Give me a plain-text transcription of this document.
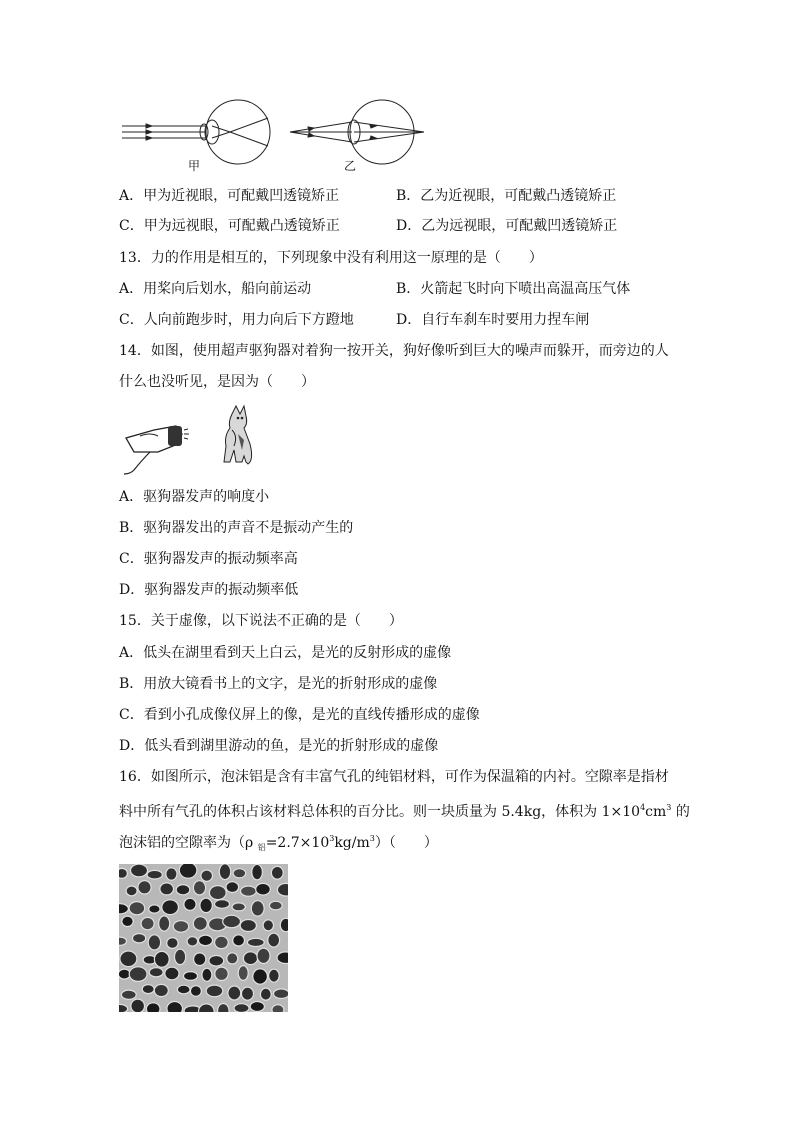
甲	乙
A．甲为近视眼，可配戴凹透镜矫正	B．乙为近视眼，可配戴凸透镜矫正
C．甲为远视眼，可配戴凸透镜矫正	D．乙为远视眼，可配戴凹透镜矫正
13．力的作用是相互的，下列现象中没有利用这一原理的是（　　）
A．用桨向后划水，船向前运动	B．火箭起飞时向下喷出高温高压气体
C．人向前跑步时，用力向后下方蹬地	D．自行车刹车时要用力捏车闸
14．如图，使用超声驱狗器对着狗一按开关，狗好像听到巨大的噪声而躲开，而旁边的人
什么也没听见，是因为（　　）
A．驱狗器发声的响度小
B．驱狗器发出的声音不是振动产生的
C．驱狗器发声的振动频率高
D．驱狗器发声的振动频率低
15．关于虚像，以下说法不正确的是（　　）
A．低头在湖里看到天上白云，是光的反射形成的虚像
B．用放大镜看书上的文字，是光的折射形成的虚像
C．看到小孔成像仪屏上的像，是光的直线传播形成的虚像
D．低头看到湖里游动的鱼，是光的折射形成的虚像
16．如图所示，泡沫铝是含有丰富气孔的纯铝材料，可作为保温箱的内衬。空隙率是指材
料中所有气孔的体积占该材料总体积的百分比。则一块质量为 5.4kg，体积为 $1\times 10^4cm^3$ 的
泡沫铝的空隙率为（ρ $_铝=2.7\times 10^3kg/m^3$）（　　）
